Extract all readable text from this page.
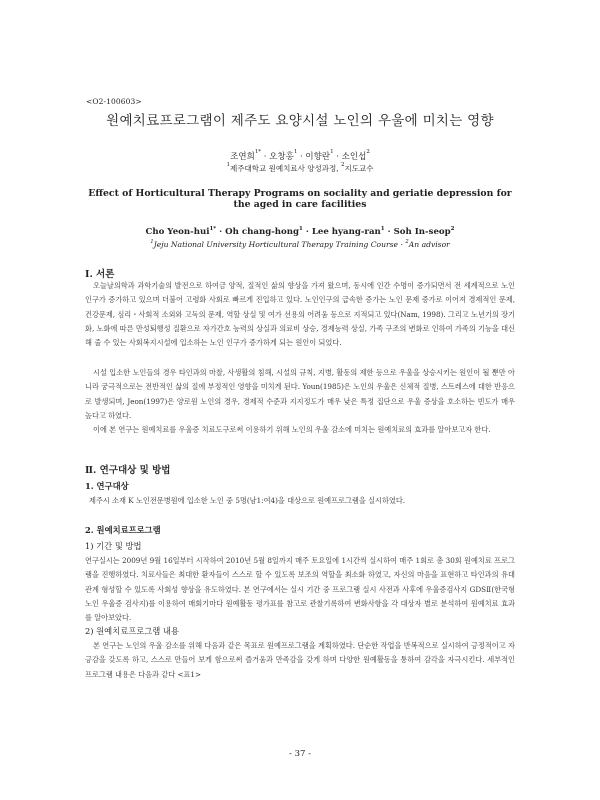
<O2-100603>
원예치료프로그램이 제주도 요양시설 노인의 우울에 미치는 영향
조연희$^{1*}$ · 오창홍$^1$ · 이향란$^1$ · 소인섭$^2$
$^1$제주대학교 원예치료사 양성과정, $^2$지도교수
Effect of Horticultural Therapy Programs on sociality and geriatie depression for
the aged in care facilities
Cho Yeon-hui$^{1*}$ · Oh chang-hong$^1$ · Lee hyang-ran$^1$ · Soh In-seop$^2$
$^1$Jeju National University Horticultural Therapy Training Course · $^2$An advisor
Ⅰ. 서론
오늘날의학과 과학기술의 발전으로 하여금 양적, 질적인 삶의 향상을 가져 왔으며, 동시에 인간 수명이 증가되면서 전 세계적으로 노인인구가 증가하고 있으며 더불어 고령화 사회로 빠르게 진입하고 있다. 노인인구의 급속한 증가는 노인 문제 증가로 이어져 경제적인 문제, 건강문제, 심리・사회적 소외와 고독의 문제, 역할 상실 및 여가 선용의 어려움 등으로 지적되고 있다(Nam, 1998). 그리고 노년기의 장기화, 노화에 따른 만성퇴행성 질환으로 자가간호 능력의 상실과 의료비 상승, 경제능력 상실, 가족 구조의 변화로 인하여 가족의 기능을 대신해 줄 수 있는 사회복지시설에 입소하는 노인 인구가 증가하게 되는 원인이 되었다.
시설 입소한 노인들의 경우 타인과의 마찰, 사생활의 침해, 시설의 규칙, 지병, 활동의 제한 등으로 우울을 상승시키는 원인이 될 뿐만 아니라 궁극적으로는 전반적인 삶의 질에 부정적인 영향을 미치게 된다. Youn(1985)은 노인의 우울은 신체적 질병, 스트레스에 대한 반응으로 발생되며, Jeon(1997)은 양로원 노인의 경우, 경제적 수준과 지지정도가 매우 낮은 특정 집단으로 우울 증상을 호소하는 빈도가 매우 높다고 하였다.
이에 본 연구는 원예치료를 우울증 치료도구로써 이용하기 위해 노인의 우울 감소에 미치는 원예치료의 효과를 알아보고자 한다.
Ⅱ. 연구대상 및 방법
1. 연구대상
제주시 소재 K 노인전문병원에 입소한 노인 중 5명(남1:여4)을 대상으로 원예프로그램을 실시하였다.
2. 원예치료프로그램
1) 기간 및 방법
연구실시는 2009년 9월 16일부터 시작하여 2010년 5월 8일까지 매주 토요일에 1시간씩 실시하여 매주 1회로 총 30회 원예치료 프로그램을 진행하였다. 치료사들은 최대한 환자들이 스스로 할 수 있도록 보조의 역할을 최소화 하였고, 자신의 마음을 표현하고 타인과의 유대 관계 형성할 수 있도록 사회성 향상을 유도하였다. 본 연구에서는 실시 기간 중 프로그램 실시 사전과 사후에 우울증검사지 GDSⅡ(한국형 노인 우울증 검사지)를 이용하여 매회기마다 원예활동 평가표를 참고로 관찰기록하여 변화사항을 각 대상자 별로 분석하여 원예치료 효과를 알아보았다.
2) 원예치료프로그램 내용
본 연구는 노인의 우울 감소를 위해 다음과 같은 목표로 원예프로그램을 계획하였다. 단순한 작업을 반복적으로 실시하여 긍정적이고 자긍감을 갖도록 하고, 스스로 만들어 보게 함으로써 즐거움과 만족감을 갖게 하며 다양한 원예활동을 통하여 감각을 자극시킨다. 세부적인 프로그램 내용은 다음과 같다 <표1>
- 37 -
